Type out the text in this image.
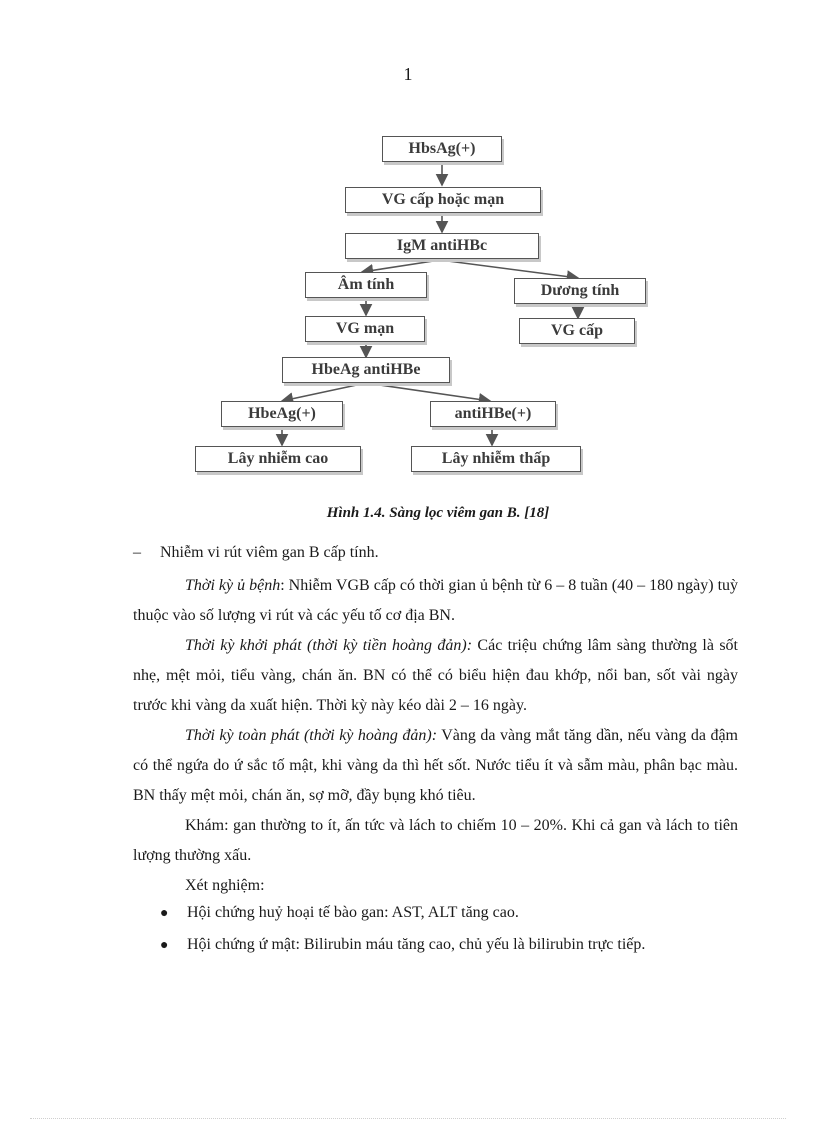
1
HbsAg(+)
VG cấp hoặc mạn
IgM antiHBc
Âm tính	Dương tính
VG mạn	VG cấp
HbeAg antiHBe
HbeAg(+)	antiHBe(+)
Lây nhiễm cao	Lây nhiễm thấp
Hình 1.4. Sàng lọc viêm gan B. [18]
– Nhiễm vi rút viêm gan B cấp tính.

Thời kỳ ủ bệnh: Nhiễm VGB cấp có thời gian ủ bệnh từ 6 – 8 tuần (40 – 180 ngày) tuỳ thuộc vào số lượng vi rút và các yếu tố cơ địa BN.

Thời kỳ khởi phát (thời kỳ tiền hoàng đản): Các triệu chứng lâm sàng thường là sốt nhẹ, mệt mỏi, tiểu vàng, chán ăn. BN có thể có biểu hiện đau khớp, nổi ban, sốt vài ngày trước khi vàng da xuất hiện. Thời kỳ này kéo dài 2 – 16 ngày.

Thời kỳ toàn phát (thời kỳ hoàng đản): Vàng da vàng mắt tăng dần, nếu vàng da đậm có thể ngứa do ứ sắc tố mật, khi vàng da thì hết sốt. Nước tiểu ít và sẫm màu, phân bạc màu. BN thấy mệt mỏi, chán ăn, sợ mỡ, đầy bụng khó tiêu.

Khám: gan thường to ít, ấn tức và lách to chiếm 10 – 20%. Khi cả gan và lách to tiên lượng thường xấu.

Xét nghiệm:

● Hội chứng huỷ hoại tế bào gan: AST, ALT tăng cao.
● Hội chứng ứ mật: Bilirubin máu tăng cao, chủ yếu là bilirubin trực tiếp.
